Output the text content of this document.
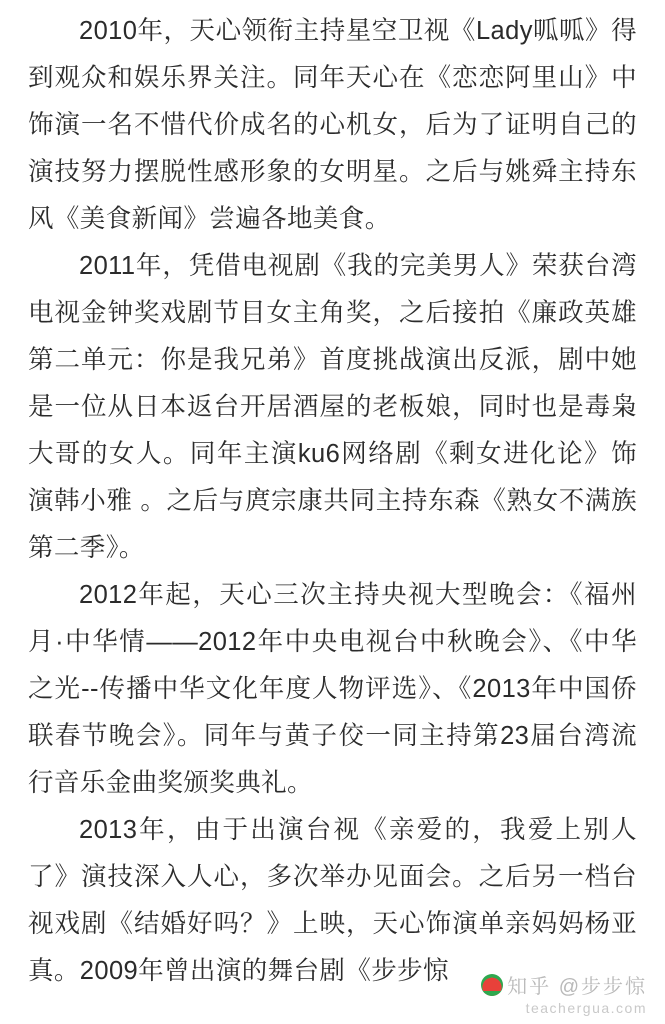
2010年，天心领衔主持星空卫视《Lady呱呱》得到观众和娱乐界关注。同年天心在《恋恋阿里山》中饰演一名不惜代价成名的心机女，后为了证明自己的演技努力摆脱性感形象的女明星。之后与姚舜主持东风《美食新闻》尝遍各地美食。

2011年，凭借电视剧《我的完美男人》荣获台湾电视金钟奖戏剧节目女主角奖，之后接拍《廉政英雄第二单元：你是我兄弟》首度挑战演出反派，剧中她是一位从日本返台开居酒屋的老板娘，同时也是毒枭大哥的女人。同年主演ku6网络剧《剩女进化论》饰演韩小雅 。之后与庹宗康共同主持东森《熟女不满族第二季》。

2012年起，天心三次主持央视大型晚会：《福州月·中华情——2012年中央电视台中秋晚会》、《中华之光--传播中华文化年度人物评选》、《2013年中国侨联春节晚会》。同年与黄子佼一同主持第23届台湾流行音乐金曲奖颁奖典礼。

2013年，由于出演台视《亲爱的，我爱上别人了》演技深入人心，多次举办见面会。之后另一档台视戏剧《结婚好吗？》上映，天心饰演单亲妈妈杨亚真。2009年曾出演的舞台剧《步步惊

知乎 @步步惊
teachergua.com
